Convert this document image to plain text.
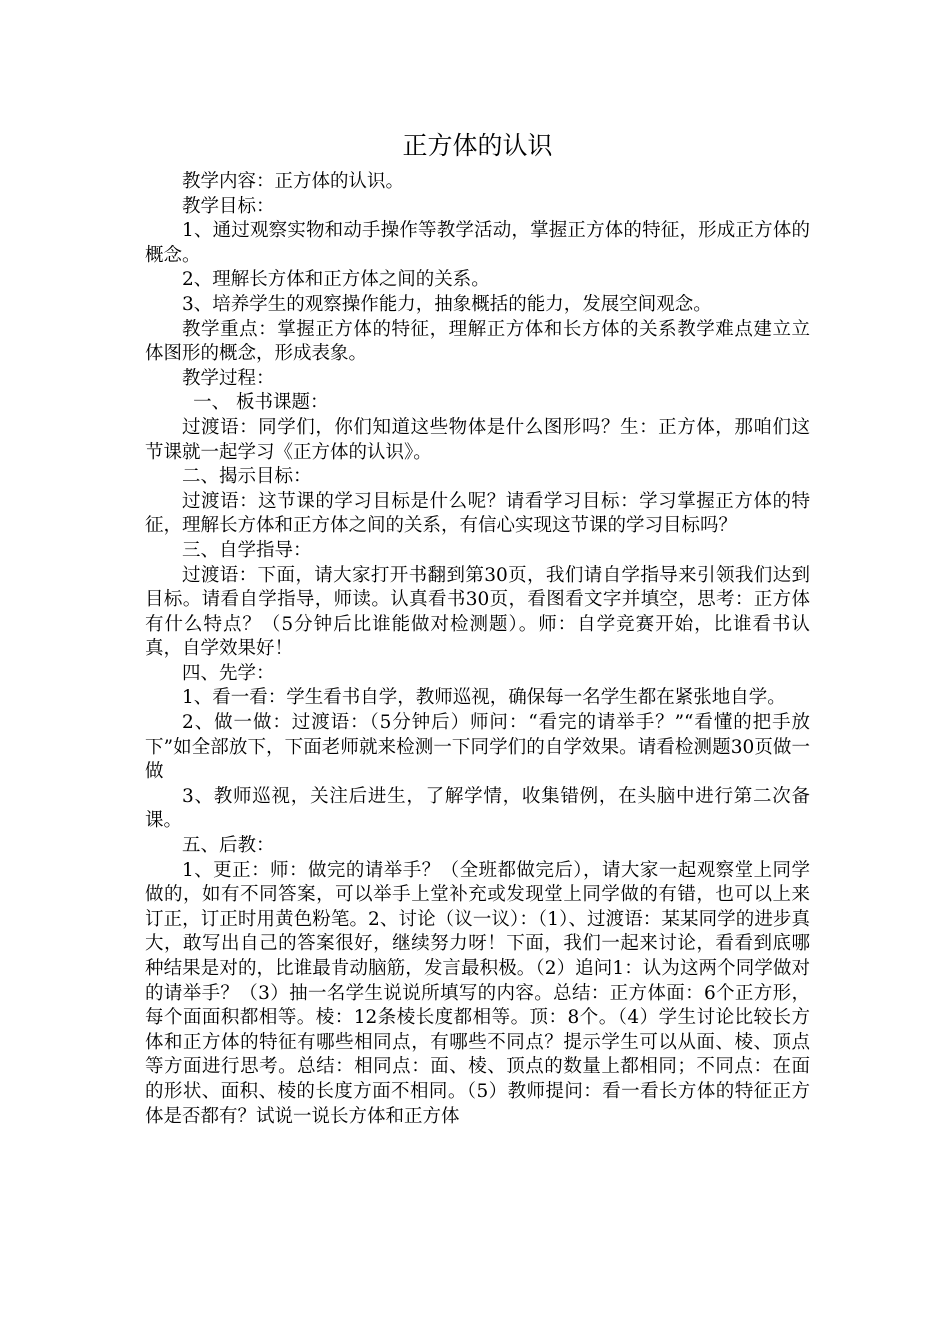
正方体的认识

教学内容：正方体的认识。

教学目标：

1、通过观察实物和动手操作等教学活动，掌握正方体的特征，形成正方体的概念。

2、理解长方体和正方体之间的关系。

3、培养学生的观察操作能力，抽象概括的能力，发展空间观念。

教学重点：掌握正方体的特征，理解正方体和长方体的关系教学难点建立立体图形的概念，形成表象。

教学过程：

一、 板书课题：

过渡语：同学们，你们知道这些物体是什么图形吗？生：正方体，那咱们这节课就一起学习《正方体的认识》。

二、揭示目标：

过渡语：这节课的学习目标是什么呢？请看学习目标：学习掌握正方体的特征，理解长方体和正方体之间的关系，有信心实现这节课的学习目标吗？

三、自学指导：

过渡语：下面，请大家打开书翻到第30页，我们请自学指导来引领我们达到目标。请看自学指导，师读。认真看书30页，看图看文字并填空，思考：正方体有什么特点？（5分钟后比谁能做对检测题）。师：自学竞赛开始，比谁看书认真，自学效果好！

四、先学：

1、看一看：学生看书自学，教师巡视，确保每一名学生都在紧张地自学。

2、做一做：过渡语：（5分钟后）师问：“看完的请举手？”“看懂的把手放下”如全部放下，下面老师就来检测一下同学们的自学效果。请看检测题30页做一做

3、教师巡视，关注后进生，了解学情，收集错例，在头脑中进行第二次备课。

五、后教：

1、更正：师：做完的请举手？（全班都做完后），请大家一起观察堂上同学做的，如有不同答案，可以举手上堂补充或发现堂上同学做的有错，也可以上来订正，订正时用黄色粉笔。2、讨论（议一议）：（1）、过渡语：某某同学的进步真大，敢写出自己的答案很好，继续努力呀！下面，我们一起来讨论，看看到底哪种结果是对的，比谁最肯动脑筋，发言最积极。（2）追问1：认为这两个同学做对的请举手？（3）抽一名学生说说所填写的内容。总结：正方体面：6个正方形，每个面面积都相等。棱：12条棱长度都相等。顶：8个。（4）学生讨论比较长方体和正方体的特征有哪些相同点，有哪些不同点？提示学生可以从面、棱、顶点等方面进行思考。总结：相同点：面、棱、顶点的数量上都相同；不同点：在面的形状、面积、棱的长度方面不相同。（5）教师提问：看一看长方体的特征正方体是否都有？试说一说长方体和正方体
